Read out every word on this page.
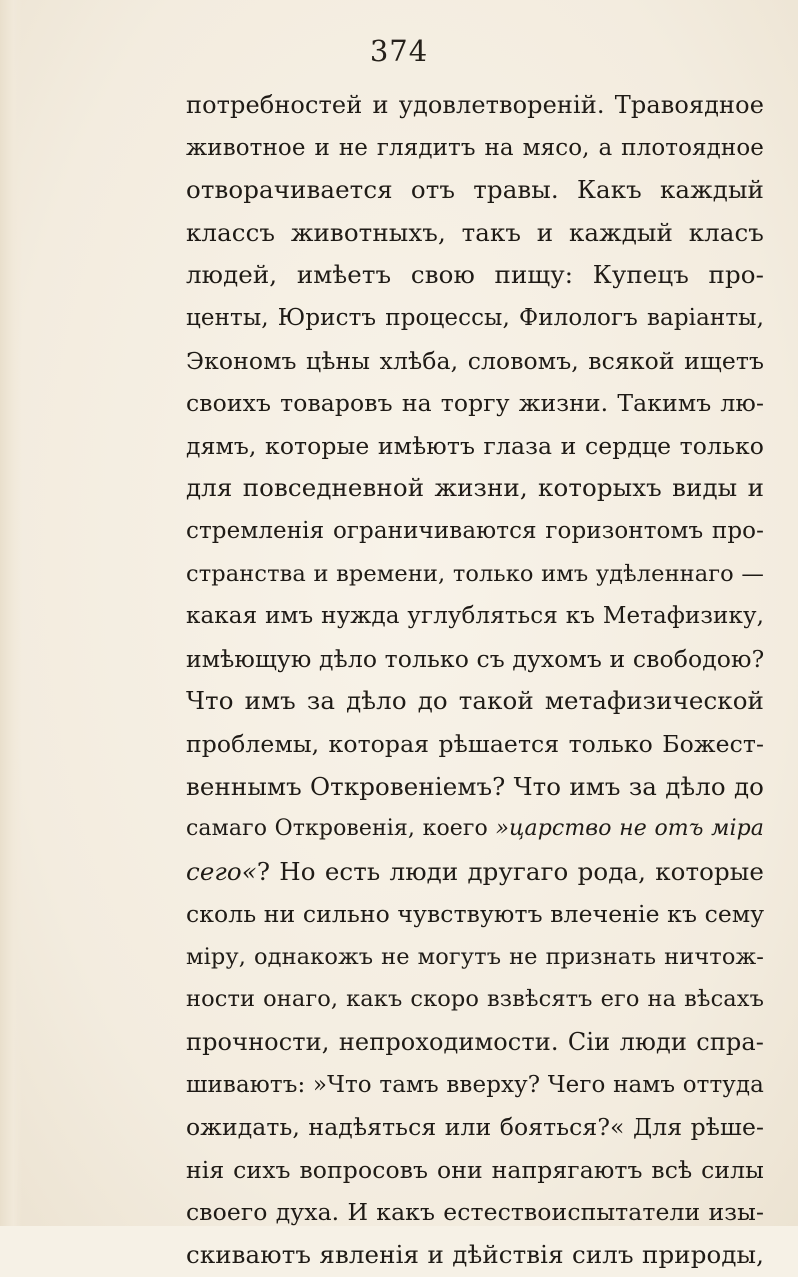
374
потребностей и удовлетвореній. Травоядное
животное и не глядитъ на мясо, а плотоядное
отворачивается отъ травы. Какъ каждый
классъ животныхъ, такъ и каждый класъ
людей, имѣетъ свою пищу: Купецъ про-
центы, Юристъ процессы, Филологъ варіанты,
Экономъ цѣны хлѣба, словомъ, всякой ищетъ
своихъ товаровъ на торгу жизни. Такимъ лю-
дямъ, которые имѣютъ глаза и сердце только
для повседневной жизни, которыхъ виды и
стремленія ограничиваются горизонтомъ про-
странства и времени, только имъ удѣленнаго —
какая имъ нужда углубляться къ Метафизику,
имѣющую дѣло только съ духомъ и свободою?
Что имъ за дѣло до такой метафизической
проблемы, которая рѣшается только Божест-
веннымъ Откровеніемъ? Что имъ за дѣло до
самаго Откровенія, коего »царство не отъ міра
сего«? Но есть люди другаго рода, которые
сколь ни сильно чувствуютъ влеченіе къ сему
міру, однакожъ не могутъ не признать ничтож-
ности онаго, какъ скоро взвѣсятъ его на вѣсахъ
прочности, непроходимости. Сіи люди спра-
шиваютъ: »Что тамъ вверху? Чего намъ оттуда
ожидать, надѣяться или бояться?« Для рѣше-
нія сихъ вопросовъ они напрягаютъ всѣ силы
своего духа. И какъ естествоиспытатели изы-
скиваютъ явленія и дѣйствія силъ природы,
